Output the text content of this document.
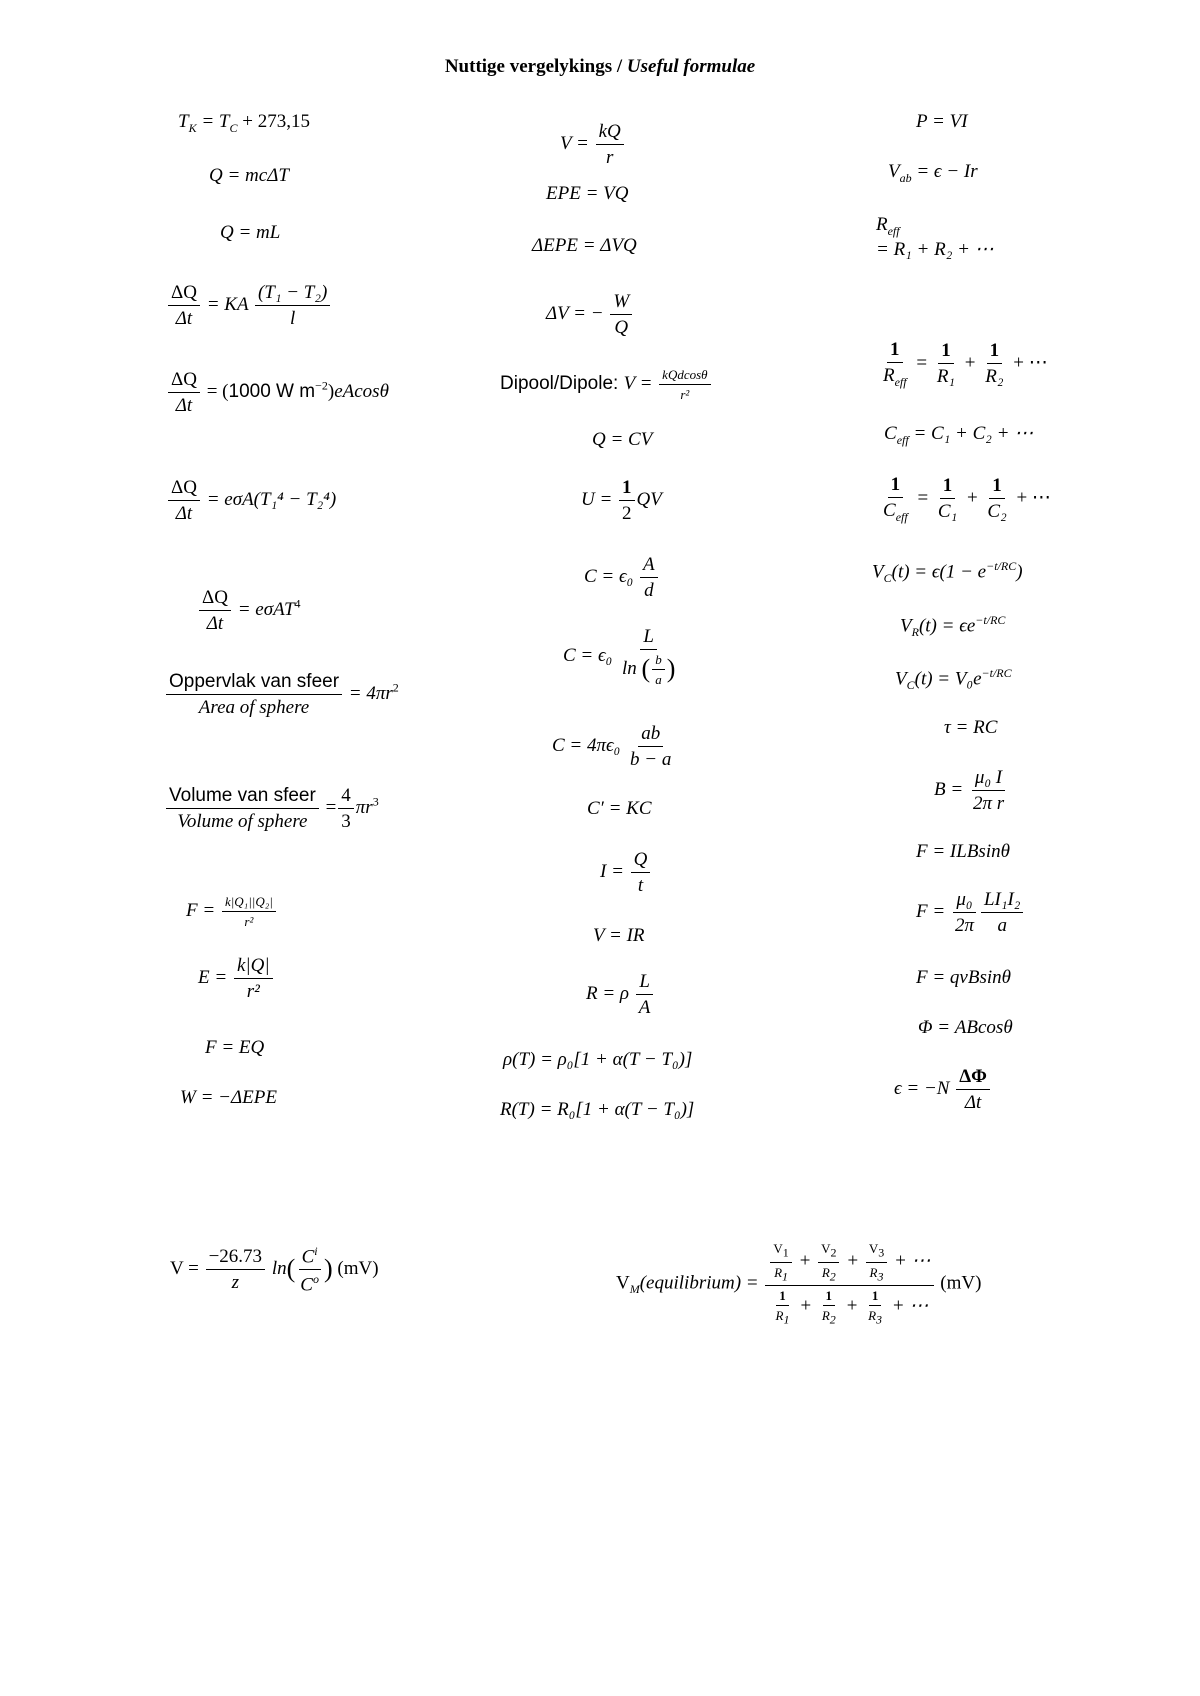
Nuttige vergelykings / Useful formulae
$T_K = T_C + 273,15$
Q = mcΔT
Q = mL
$\frac{\Delta Q}{\Delta t}$ = KA $\frac{\text{(T₁ − T₂)}}{l}$
$\frac{\Delta Q}{\Delta t} = (1000$ W $m^{-2})eAcos\theta$
$\frac{\Delta Q}{\Delta t} = e\sigma A(T_1^4 - T_2^4)$
$\frac{\Delta Q}{\Delta t} = e\sigma AT^4$
Oppervlak van sfeer
Area of sphere
= $4\pi r^2$
Volume van sfeer
Volume of sphere
= $\frac{4}{3} \pi r^3$
$F = \frac{\text{k|Q₁||Q₂|}}{\text{r²}}$
$E = \frac{k|Q|}{\text{r²}}$
F = EQ
W = −ΔEPE
$V = \frac{kQ}{r}$
EPE = VQ
ΔEPE = ΔVQ
ΔV = − $\frac{W}{Q}$
Dipool/Dipole: V = kQdcosθ
r²
Q = CV
$U = \frac{1}{2}$ QV
$C = \epsilon_0 \frac{A}{d}$
$C = \epsilon_0 \frac{L}{\ln ( \frac{b}{a} )}$
$C = 4\pi\epsilon_0 \frac{ab}{b - a}$
C′ = KC
$I = \frac{Q}{t}$
V = IR
R = ρ $\frac{L}{A}$
ρ(T) = ρ₀[1 + α(T − T₀)]
R(T) = R₀[1 + α(T − T₀)]
P = VI
$V_{ab} = \epsilon - Ir$
$R_{eff}$
= R₁ + R₂ + ⋯
1
$R_{eff}$
= $\frac{1}{\text{R₁}} + \frac{1}{\text{R₂}}$ + ⋯
$C_{eff} = C_1 + C_2$ + ⋯
1
$C_{eff}$
= $\frac{1}{\text{C₁}} + \frac{1}{\text{C₂}}$ + ⋯
$V_C(t) = \epsilon(1 - e^{-t/RC})$
$V_R(t) = \epsilon e^{-t/RC}$
$V_C(t) = V_0e^{-t/RC}$
τ = RC
$B = \frac{\text{μ₀ I}}{\text{2π r}}$
F = ILBsinθ
$F = \frac{\text{μ₀}}{2\pi} \frac{\text{LI₁I₂}}{a}$
F = qvBsinθ
Φ = ABcosθ
$\epsilon = -N \frac{\Delta\Phi}{\Delta t}$
$V = \frac{-26.73}{z} \ln( \frac{C^i}{C^o}$ ) (mV)
$V_M(equilibrium) = \frac{\frac{V_1}{R_1} + \frac{V_2}{R_2} + \frac{V_3}{R_3} + \cdots}{\frac{1}{R_1} + \frac{1}{R_2} + \frac{1}{R_3} + \cdots} (mV)$
